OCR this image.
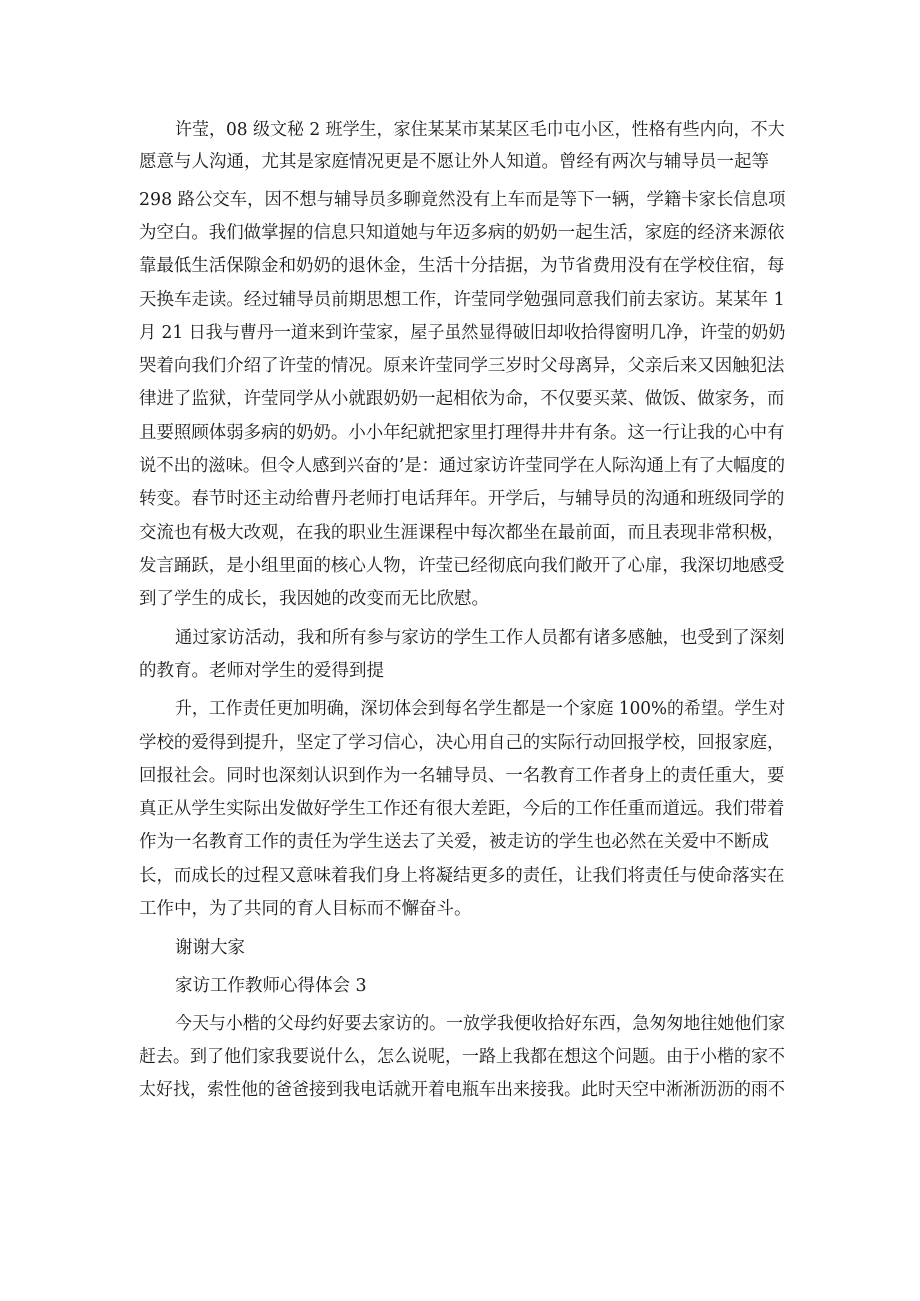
许莹，08 级文秘 2 班学生，家住某某市某某区毛巾屯小区，性格有些内向，不大
愿意与人沟通，尤其是家庭情况更是不愿让外人知道。曾经有两次与辅导员一起等
298 路公交车，因不想与辅导员多聊竟然没有上车而是等下一辆，学籍卡家长信息项
为空白。我们做掌握的信息只知道她与年迈多病的奶奶一起生活，家庭的经济来源依
靠最低生活保隙金和奶奶的退休金，生活十分拮据，为节省费用没有在学校住宿，每
天换车走读。经过辅导员前期思想工作，许莹同学勉强同意我们前去家访。某某年 1
月 21 日我与曹丹一道来到许莹家，屋子虽然显得破旧却收拾得窗明几净，许莹的奶奶
哭着向我们介绍了许莹的情况。原来许莹同学三岁时父母离异，父亲后来又因触犯法
律进了监狱，许莹同学从小就跟奶奶一起相依为命，不仅要买菜、做饭、做家务，而
且要照顾体弱多病的奶奶。小小年纪就把家里打理得井井有条。这一行让我的心中有
说不出的滋味。但令人感到兴奋的’是：通过家访许莹同学在人际沟通上有了大幅度的
转变。春节时还主动给曹丹老师打电话拜年。开学后，与辅导员的沟通和班级同学的
交流也有极大改观，在我的职业生涯课程中每次都坐在最前面，而且表现非常积极，
发言踊跃，是小组里面的核心人物，许莹已经彻底向我们敞开了心扉，我深切地感受
到了学生的成长，我因她的改变而无比欣慰。
通过家访活动，我和所有参与家访的学生工作人员都有诸多感触，也受到了深刻
的教育。老师对学生的爱得到提
升，工作责任更加明确，深切体会到每名学生都是一个家庭 100%的希望。学生对
学校的爱得到提升，坚定了学习信心，决心用自己的实际行动回报学校，回报家庭，
回报社会。同时也深刻认识到作为一名辅导员、一名教育工作者身上的责任重大，要
真正从学生实际出发做好学生工作还有很大差距，今后的工作任重而道远。我们带着
作为一名教育工作的责任为学生送去了关爱，被走访的学生也必然在关爱中不断成
长，而成长的过程又意味着我们身上将凝结更多的责任，让我们将责任与使命落实在
工作中，为了共同的育人目标而不懈奋斗。
谢谢大家
家访工作教师心得体会 3
今天与小楷的父母约好要去家访的。一放学我便收拾好东西，急匆匆地往她他们家
赶去。到了他们家我要说什么，怎么说呢，一路上我都在想这个问题。由于小楷的家不
太好找，索性他的爸爸接到我电话就开着电瓶车出来接我。此时天空中淅淅沥沥的雨不
